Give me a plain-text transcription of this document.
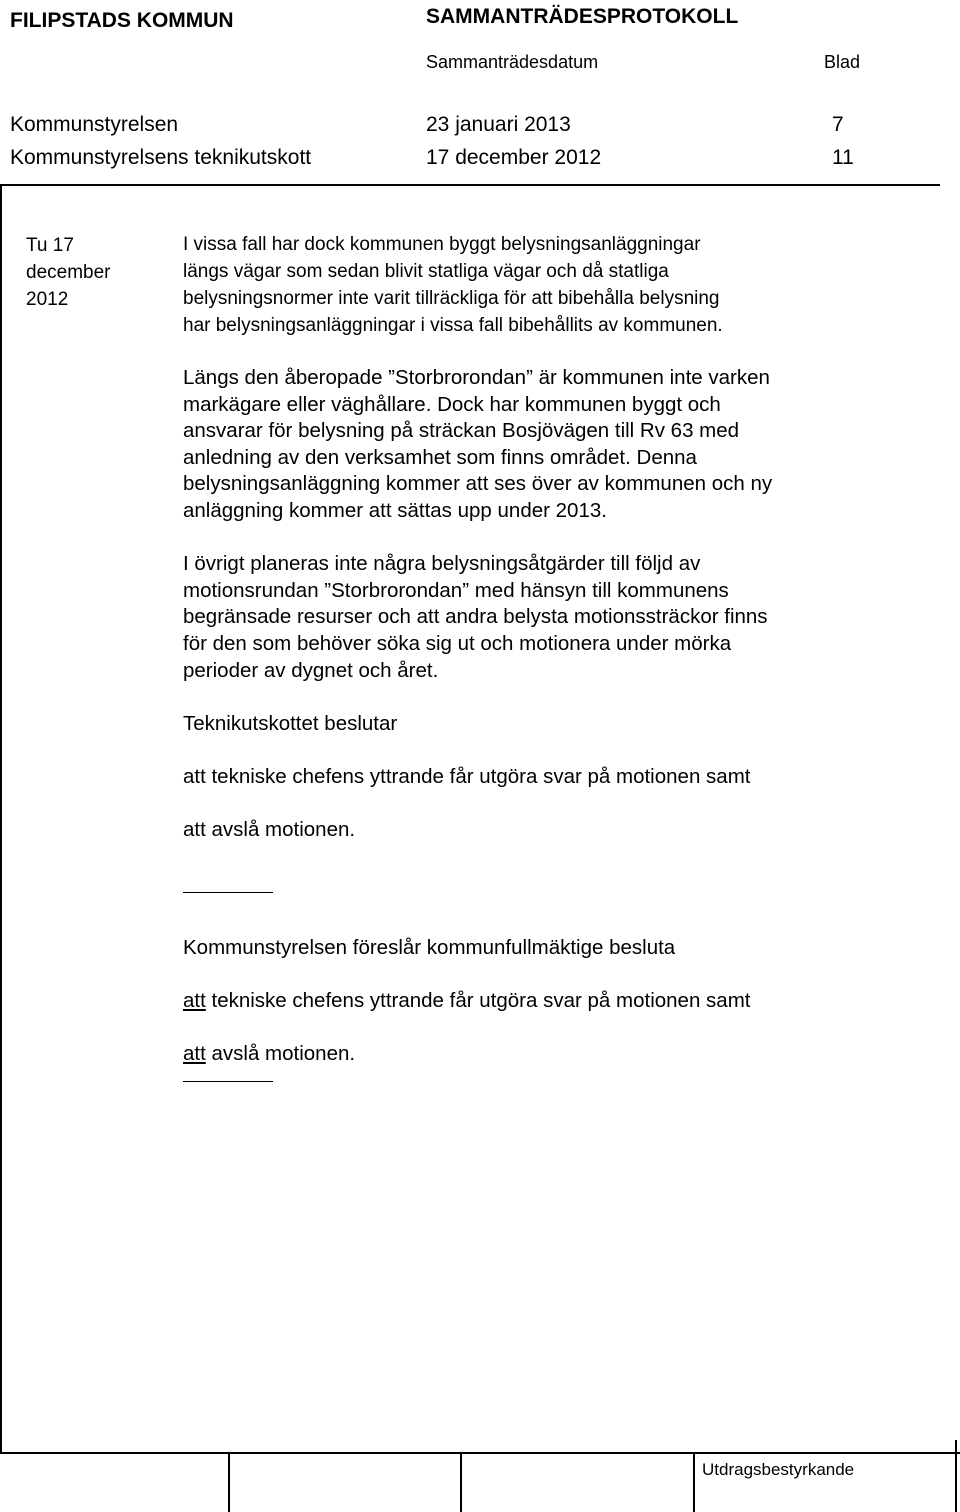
FILIPSTADS KOMMUN	SAMMANTRÄDESPROTOKOLL
Sammanträdesdatum	Blad
Kommunstyrelsen	23 januari 2013	7
Kommunstyrelsens teknikutskott	17 december 2012	11
Tu 17
december
2012

I vissa fall har dock kommunen byggt belysningsanläggningar
längs vägar som sedan blivit statliga vägar och då statliga
belysningsnormer inte varit tillräckliga för att bibehålla belysning
har belysningsanläggningar i vissa fall bibehållits av kommunen.

Längs den åberopade ”Storbrorondan” är kommunen inte varken
markägare eller väghållare. Dock har kommunen byggt och
ansvarar för belysning på sträckan Bosjövägen till Rv 63 med
anledning av den verksamhet som finns området. Denna
belysningsanläggning kommer att ses över av kommunen och ny
anläggning kommer att sättas upp under 2013.

I övrigt planeras inte några belysningsåtgärder till följd av
motionsrundan ”Storbrorondan” med hänsyn till kommunens
begränsade resurser och att andra belysta motionssträckor finns
för den som behöver söka sig ut och motionera under mörka
perioder av dygnet och året.

Teknikutskottet beslutar

att tekniske chefens yttrande får utgöra svar på motionen samt

att avslå motionen.

Kommunstyrelsen föreslår kommunfullmäktige besluta

att tekniske chefens yttrande får utgöra svar på motionen samt

att avslå motionen.

Utdragsbestyrkande
